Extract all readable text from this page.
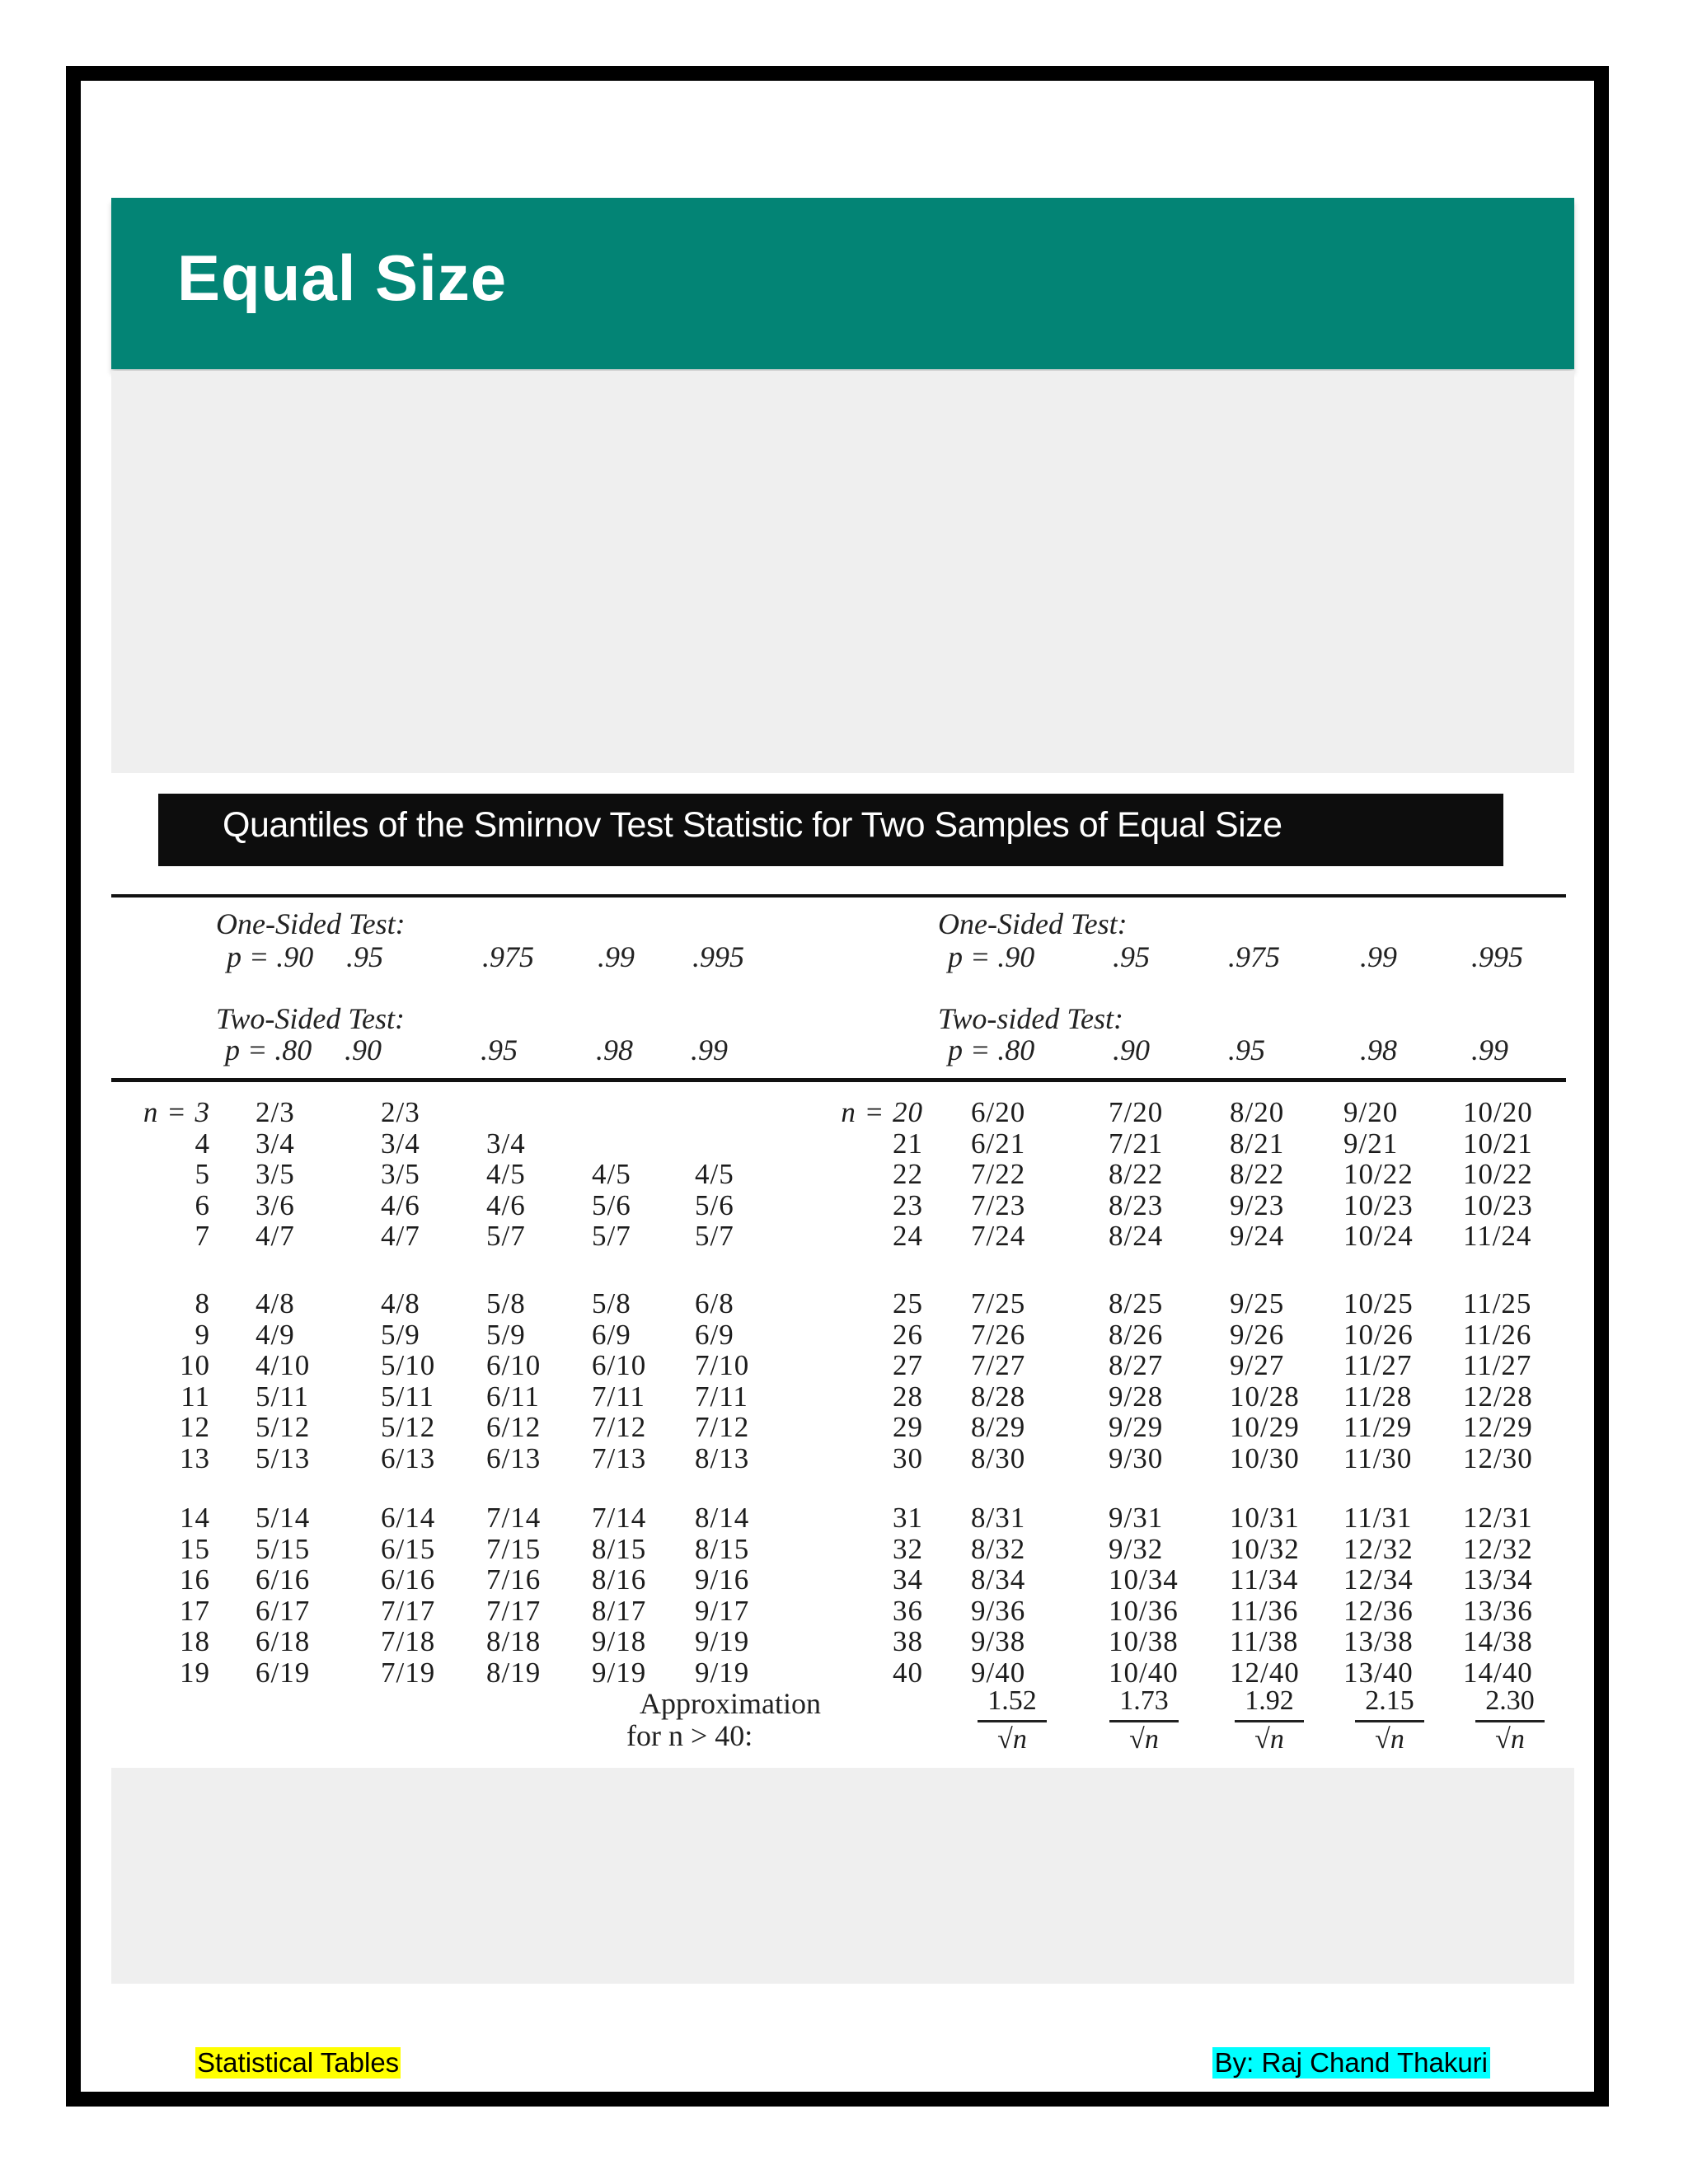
Equal Size
Quantiles of the Smirnov Test Statistic for Two Samples of Equal Size
One-Sided Test:
p = .90 .95	.975 .99 .995
Two-Sided Test:
p = .80 .90	.95	.98 .99
One-Sided Test:
p = .90	.95	.975	.99	.995
Two-sided Test:
p = .80	.90	.95	.98	.99
n = 3 2/3	2/3
4 3/4	3/4 3/4
5 3/5	3/5 4/5 4/5 4/5
6 3/6	4/6 4/6 5/6 5/6
7 4/7	4/7 5/7 5/7 5/7
8 4/8	4/8 5/8 5/8 6/8
9 4/9	5/9 5/9 6/9 6/9
10 4/10 5/10 6/10 6/10 7/10
11 5/11 5/11 6/11 7/11 7/11
12 5/12 5/12 6/12 7/12 7/12
13 5/13 6/13 6/13 7/13 8/13
14 5/14 6/14 7/14 7/14 8/14
15 5/15 6/15 7/15 8/15 8/15
16 6/16 6/16 7/16 8/16 9/16
17 6/17 7/17 7/17 8/17 9/17
18 6/18 7/18 8/18 9/18 9/19
19 6/19 7/19 8/19 9/19 9/19
n = 20 6/20	7/20 8/20 9/20 10/20
21 6/21	7/21 8/21 9/21 10/21
22 7/22	8/22 8/22 10/22 10/22
23 7/23	8/23 9/23 10/23 10/23
24 7/24	8/24 9/24 10/24 11/24
25 7/25	8/25 9/25 10/25 11/25
26 7/26	8/26 9/26 10/26 11/26
27 7/27	8/27 9/27 11/27 11/27
28 8/28	9/28 10/28 11/28 12/28
29 8/29	9/29 10/29 11/29 12/29
30 8/30	9/30 10/30 11/30 12/30
31 8/31	9/31 10/31 11/31 12/31
32 8/32	9/32 10/32 12/32 12/32
34 8/34	10/34 11/34 12/34 13/34
36 9/36	10/36 11/36 12/36 13/36
38 9/38	10/38 11/38 13/38 14/38
40 9/40	10/40 12/40 13/40 14/40
Approximation
for n > 40:	$\frac{1.52}{√n} \frac{1.73}{√n} \frac{1.92}{√n} \frac{2.15}{√n} \frac{2.30}{√n}$
Statistical Tables	By: Raj Chand Thakuri
